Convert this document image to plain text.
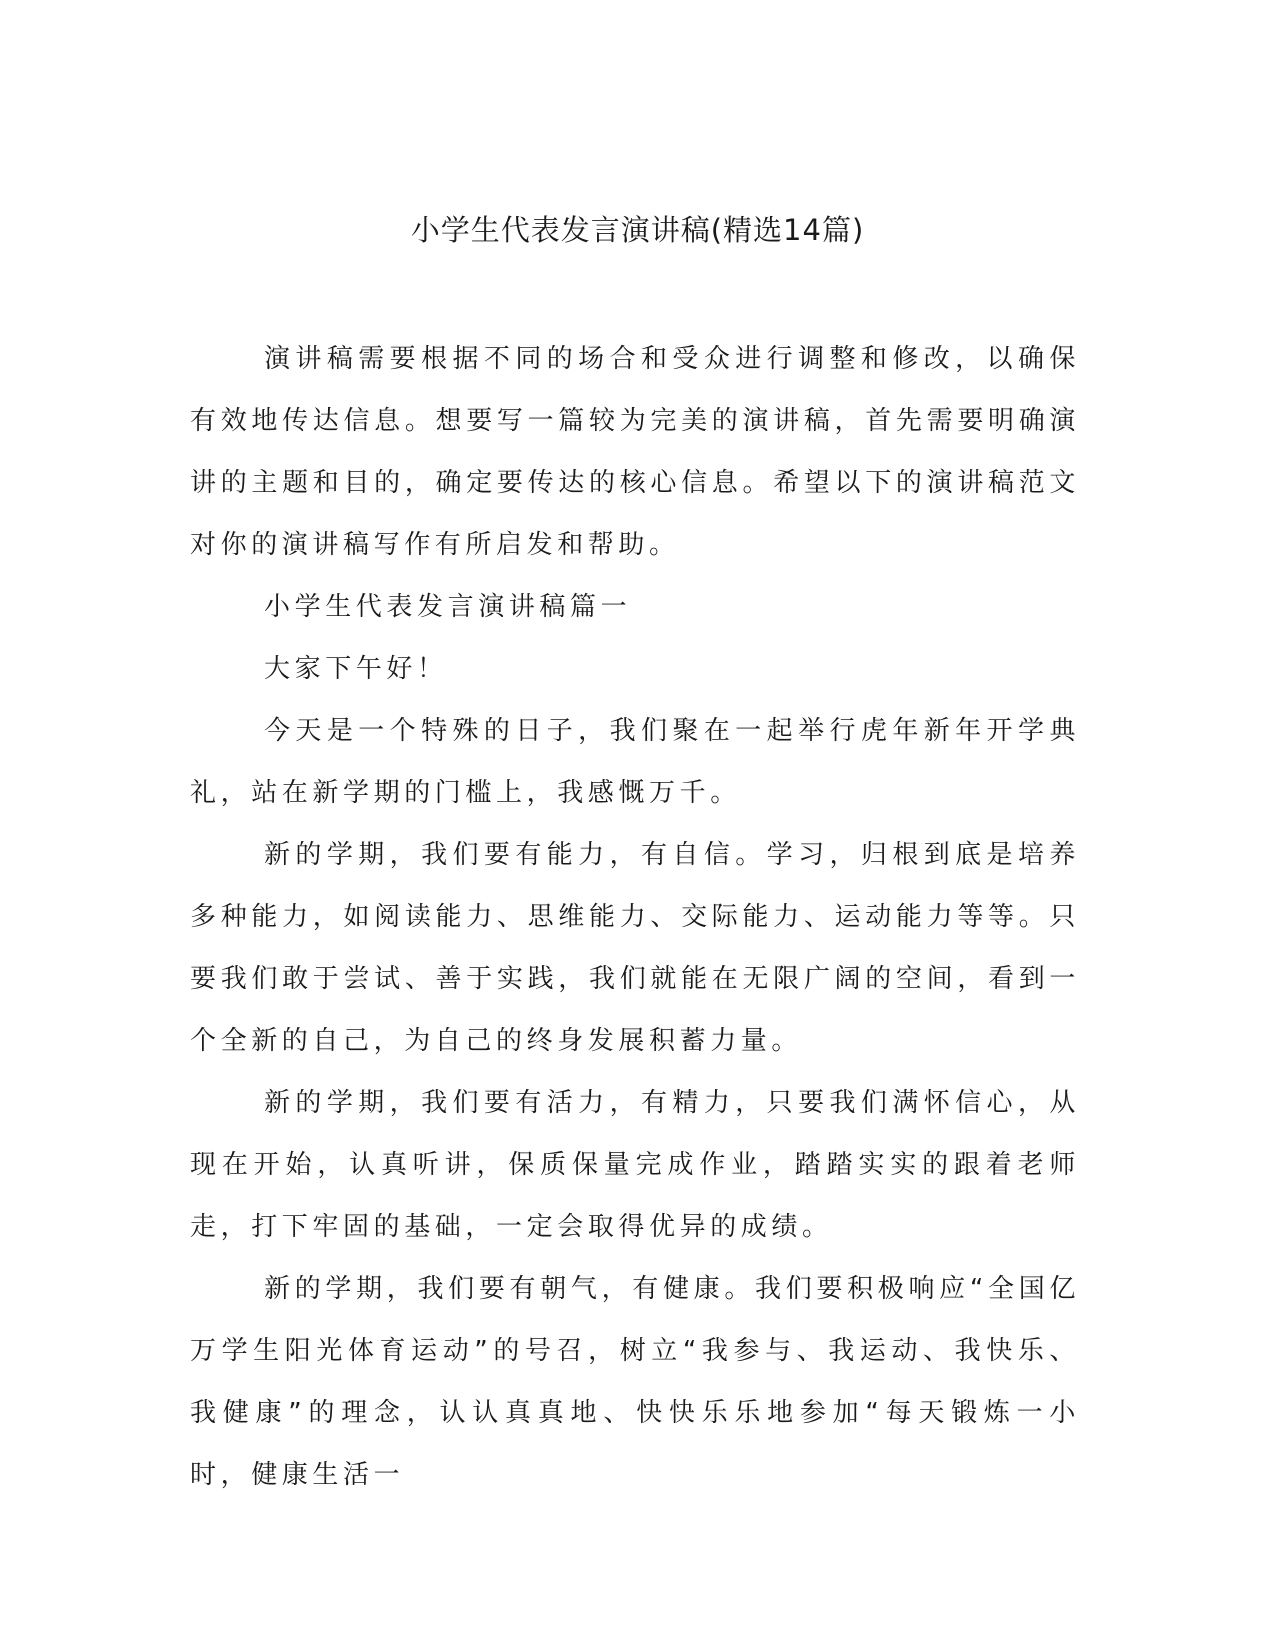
小学生代表发言演讲稿(精选14篇)

演讲稿需要根据不同的场合和受众进行调整和修改，以确保有效地传达信息。想要写一篇较为完美的演讲稿，首先需要明确演讲的主题和目的，确定要传达的核心信息。希望以下的演讲稿范文对你的演讲稿写作有所启发和帮助。

小学生代表发言演讲稿篇一

大家下午好！

今天是一个特殊的日子，我们聚在一起举行虎年新年开学典礼，站在新学期的门槛上，我感慨万千。

新的学期，我们要有能力，有自信。学习，归根到底是培养多种能力，如阅读能力、思维能力、交际能力、运动能力等等。只要我们敢于尝试、善于实践，我们就能在无限广阔的空间，看到一个全新的自己，为自己的终身发展积蓄力量。

新的学期，我们要有活力，有精力，只要我们满怀信心，从现在开始，认真听讲，保质保量完成作业，踏踏实实的跟着老师走，打下牢固的基础，一定会取得优异的成绩。

新的学期，我们要有朝气，有健康。我们要积极响应“全国亿万学生阳光体育运动”的号召，树立“我参与、我运动、我快乐、我健康”的理念，认认真真地、快快乐乐地参加“每天锻炼一小时，健康生活一
